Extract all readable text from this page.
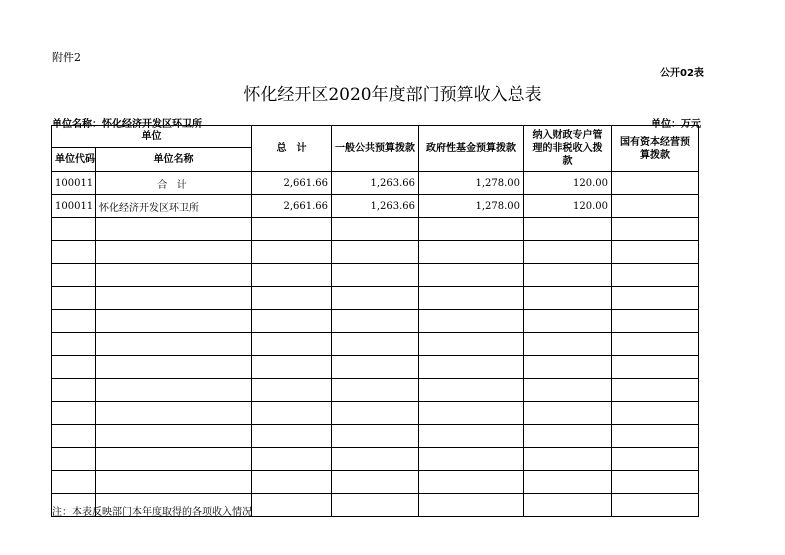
附件2
公开02表
怀化经开区2020年度部门预算收入总表
单位名称：怀化经济开发区环卫所	单位：万元
单位		总　计	一般公共预算拨款	政府性基金预算拨款	纳入财政专户管理的非税收入拨款	国有资本经营预算拨款
单位代码	单位名称					
100011	合 计	2,661.66	1,263.66	1,278.00	120.00	
100011	怀化经济开发区环卫所	2,661.66	1,263.66	1,278.00	120.00	

注：本表反映部门本年度取得的各项收入情况
